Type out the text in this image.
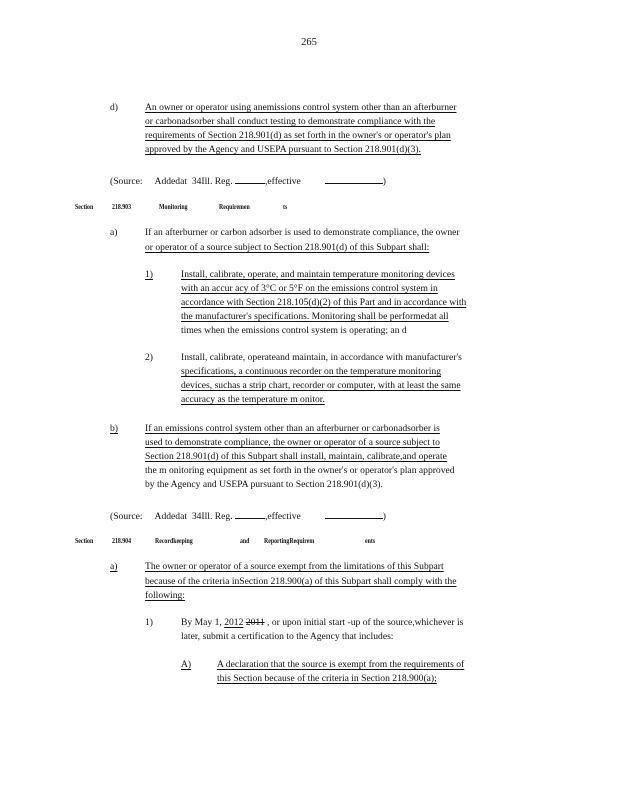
265
d)	An owner or operator using anemissions control system other than an afterburner
or carbonadsorber shall conduct testing to demonstrate compliance with the
requirements of Section 218.901(d) as set forth in the owner's or operator's plan
approved by the Agency and USEPA pursuant to Section 218.901(d)(3).
(Source: Addedat 34Ill. Reg.	,effective	)
Section	218.903	Monitoring	Requiremen	ts
a)	If an afterburner or carbon adsorber is used to demonstrate compliance, the owner
or operator of a source subject to Section 218.901(d) of this Subpart shall:
1)	Install, calibrate, operate, and maintain temperature monitoring devices
with an accur acy of 3°C or 5°F on the emissions control system in
accordance with Section 218.105(d)(2) of this Part and in accordance with
the manufacturer's specifications. Monitoring shall be performedat all
times when the emissions control system is operating; an d
2)	Install, calibrate, operateand maintain, in accordance with manufacturer's
specifications, a continuous recorder on the temperature monitoring
devices, suchas a strip chart, recorder or computer, with at least the same
accuracy as the temperature m onitor.
b)	If an emissions control system other than an afterburner or carbonadsorber is
used to demonstrate compliance, the owner or operator of a source subject to
Section 218.901(d) of this Subpart shall install, maintain, calibrate,and operate
the m onitoring equipment as set forth in the owner's or operator's plan approved
by the Agency and USEPA pursuant to Section 218.901(d)(3).
(Source: Addedat 34Ill. Reg.	,effective	)
Section	218.904	Recordkeeping	and ReportingRequirem	ents
a)	The owner or operator of a source exempt from the limitations of this Subpart
because of the criteria inSection 218.900(a) of this Subpart shall comply with the
following:
1)	By May 1, 2012 2011 , or upon initial start -up of the source,whichever is
later, submit a certification to the Agency that includes:
A)	A declaration that the source is exempt from the requirements of
this Section because of the criteria in Section 218.900(a);
